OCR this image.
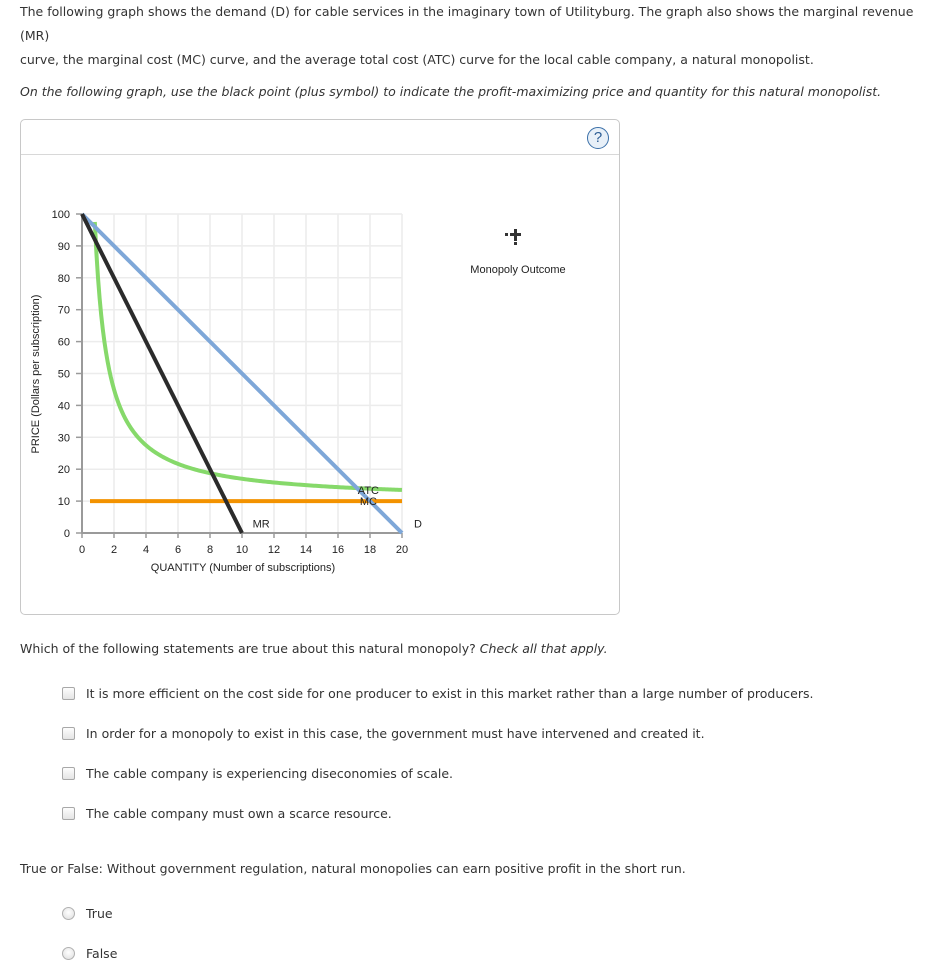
The following graph shows the demand (D) for cable services in the imaginary town of Utilityburg. The graph also shows the marginal revenue (MR)
curve, the marginal cost (MC) curve, and the average total cost (ATC) curve for the local cable company, a natural monopolist.
On the following graph, use the black point (plus symbol) to indicate the profit-maximizing price and quantity for this natural monopolist.
?
0
10
20
30
40
50
60
70
80
90
100
0 2 4 6 8 10 12 14 16 18 20
ATC
MC
MR	D
PRICE (Dollars per subscription)
QUANTITY (Number of subscriptions)
Monopoly Outcome
Which of the following statements are true about this natural monopoly? Check all that apply.
It is more efficient on the cost side for one producer to exist in this market rather than a large number of producers.
In order for a monopoly to exist in this case, the government must have intervened and created it.
The cable company is experiencing diseconomies of scale.
The cable company must own a scarce resource.
True or False: Without government regulation, natural monopolies can earn positive profit in the short run.
True
False
